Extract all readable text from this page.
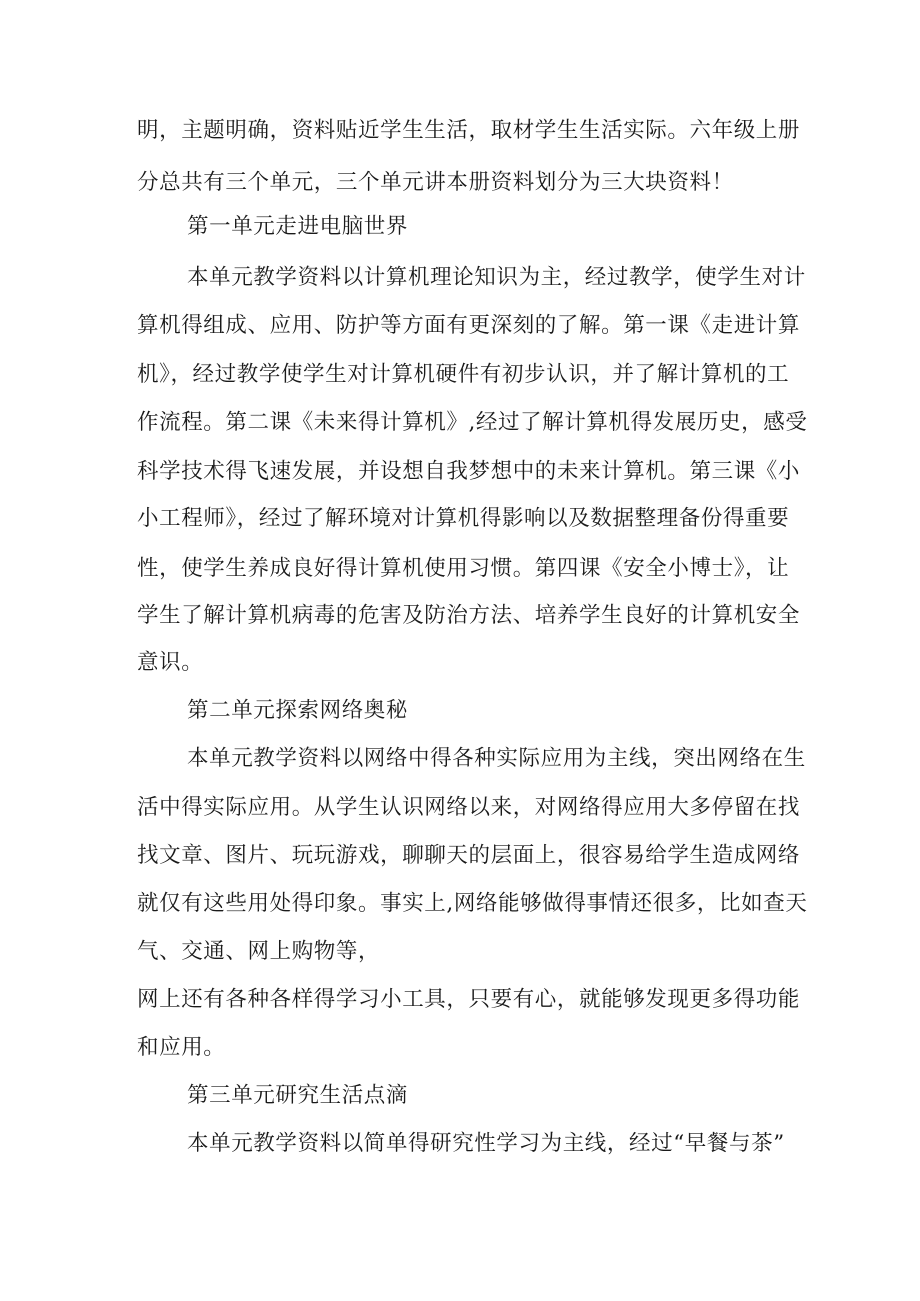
明，主题明确，资料贴近学生生活，取材学生生活实际。六年级上册
分总共有三个单元，三个单元讲本册资料划分为三大块资料！
第一单元走进电脑世界
本单元教学资料以计算机理论知识为主，经过教学，使学生对计
算机得组成、应用、防护等方面有更深刻的了解。第一课《走进计算
机》，经过教学使学生对计算机硬件有初步认识，并了解计算机的工
作流程。第二课《未来得计算机》,经过了解计算机得发展历史，感受
科学技术得飞速发展，并设想自我梦想中的未来计算机。第三课《小
小工程师》，经过了解环境对计算机得影响以及数据整理备份得重要
性，使学生养成良好得计算机使用习惯。第四课《安全小博士》，让
学生了解计算机病毒的危害及防治方法、培养学生良好的计算机安全
意识。
第二单元探索网络奥秘
本单元教学资料以网络中得各种实际应用为主线，突出网络在生
活中得实际应用。从学生认识网络以来，对网络得应用大多停留在找
找文章、图片、玩玩游戏，聊聊天的层面上，很容易给学生造成网络
就仅有这些用处得印象。事实上,网络能够做得事情还很多，比如查天
气、交通、网上购物等，
网上还有各种各样得学习小工具，只要有心，就能够发现更多得功能
和应用。
第三单元研究生活点滴
本单元教学资料以简单得研究性学习为主线，经过“早餐与茶”
